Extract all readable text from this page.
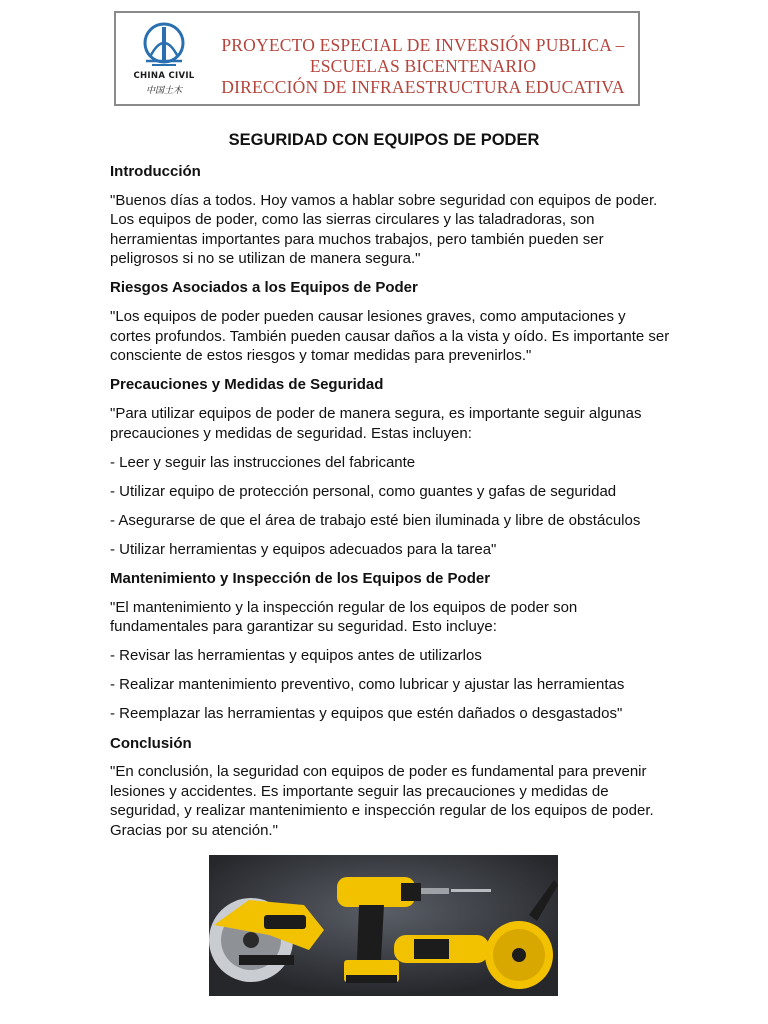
CHINA CIVIL
中国土木
PROYECTO ESPECIAL DE INVERSIÓN PUBLICA –
ESCUELAS BICENTENARIO
DIRECCIÓN DE INFRAESTRUCTURA EDUCATIVA
SEGURIDAD CON EQUIPOS DE PODER
Introducción

"Buenos días a todos. Hoy vamos a hablar sobre seguridad con equipos de poder. Los equipos de poder, como las sierras circulares y las taladradoras, son herramientas importantes para muchos trabajos, pero también pueden ser peligrosos si no se utilizan de manera segura."

Riesgos Asociados a los Equipos de Poder

"Los equipos de poder pueden causar lesiones graves, como amputaciones y cortes profundos. También pueden causar daños a la vista y oído. Es importante ser consciente de estos riesgos y tomar medidas para prevenirlos."

Precauciones y Medidas de Seguridad

"Para utilizar equipos de poder de manera segura, es importante seguir algunas precauciones y medidas de seguridad. Estas incluyen:

- Leer y seguir las instrucciones del fabricante

- Utilizar equipo de protección personal, como guantes y gafas de seguridad

- Asegurarse de que el área de trabajo esté bien iluminada y libre de obstáculos

- Utilizar herramientas y equipos adecuados para la tarea"

Mantenimiento y Inspección de los Equipos de Poder

"El mantenimiento y la inspección regular de los equipos de poder son fundamentales para garantizar su seguridad. Esto incluye:

- Revisar las herramientas y equipos antes de utilizarlos

- Realizar mantenimiento preventivo, como lubricar y ajustar las herramientas

- Reemplazar las herramientas y equipos que estén dañados o desgastados"

Conclusión

"En conclusión, la seguridad con equipos de poder es fundamental para prevenir lesiones y accidentes. Es importante seguir las precauciones y medidas de seguridad, y realizar mantenimiento e inspección regular de los equipos de poder. Gracias por su atención."
